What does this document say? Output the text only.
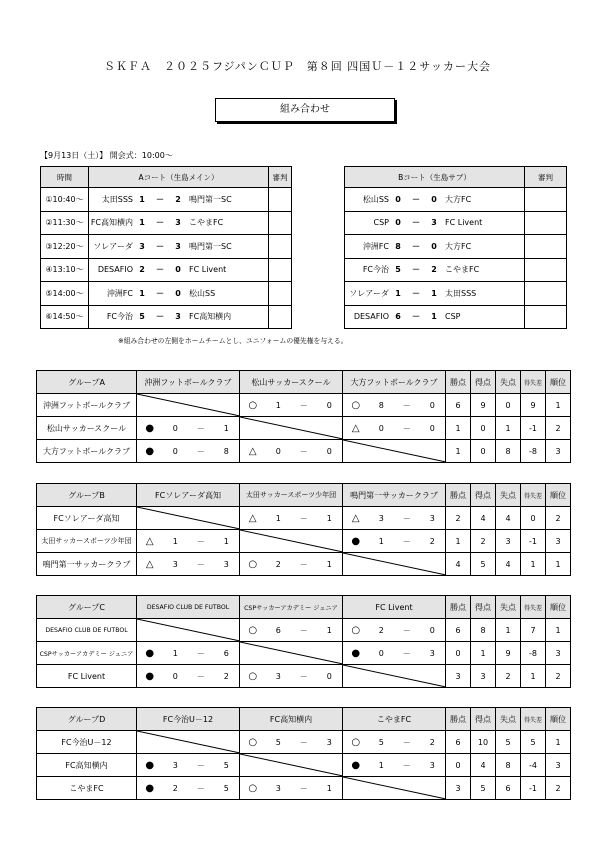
ＳＫＦＡ　２０２５フジパンＣＵＰ　第８回 四国Ｕ－１２サッカー大会
組み合わせ
【9月13日（土）】 開会式：10:00～
時間	Aコート（生島メイン）	審判
①10:40～	太田SSS 1 － 2 鳴門第一SC	

②11:30～	FC高知横内 1 － 3 こやまFC	

③12:20～	ソレアーダ 3 － 3 鳴門第一SC	

④13:10～	DESAFIO 2 － 0 FC Livent	

⑤14:00～	沖洲FC 1 － 0 松山SS	

⑥14:50～	FC今治 5 － 3 FC高知横内	

Bコート（生島サブ）	審判

松山SS 0 － 0 大方FC	

CSP 0 － 3 FC Livent	

沖洲FC 8 － 0 大方FC	

FC今治 5 － 2 こやまFC	

ソレアーダ 1 － 1 太田SSS	

DESAFIO 6 － 1 CSP	

※組み合わせの左側をホームチームとし、ユニフォームの優先権を与える。
グループA	沖洲フットボールクラブ	松山サッカースクール	大方フットボールクラブ	勝点	得点	失点	得失差	順位
沖洲フットボールクラブ		○ 1 － 0	○ 8 － 0	6	9	0	9	1
松山サッカースクール	● 0 － 1		△ 0 － 0	1	0	1	-1	2
大方フットボールクラブ	● 0 － 8	△ 0 － 0		1	0	8	-8	3
グループB	FCソレアーダ高知	太田サッカースポーツ少年団	鳴門第一サッカークラブ	勝点	得点	失点	得失差	順位
FCソレアーダ高知		△ 1 － 1	△ 3 － 3	2	4	4	0	2
太田サッカースポーツ少年団	△ 1 － 1		● 1 － 2	1	2	3	-1	3
鳴門第一サッカークラブ	△ 3 － 3	○ 2 － 1		4	5	4	1	1
グループC	DESAFIO CLUB DE FUTBOL	CSPサッカーアカデミー ジュニア	FC Livent	勝点	得点	失点	得失差	順位
DESAFIO CLUB DE FUTBOL		○ 6 － 1	○ 2 － 0	6	8	1	7	1
CSPサッカーアカデミー ジュニア	● 1 － 6		● 0 － 3	0	1	9	-8	3
FC Livent	● 0 － 2	○ 3 － 0		3	3	2	1	2
グループD	FC今治U－12	FC高知横内	こやまFC	勝点	得点	失点	得失差	順位
FC今治U－12		○ 5 － 3	○ 5 － 2	6	10	5	5	1
FC高知横内	● 3 － 5		● 1 － 3	0	4	8	-4	3
こやまFC	● 2 － 5	○ 3 － 1		3	5	6	-1	2
